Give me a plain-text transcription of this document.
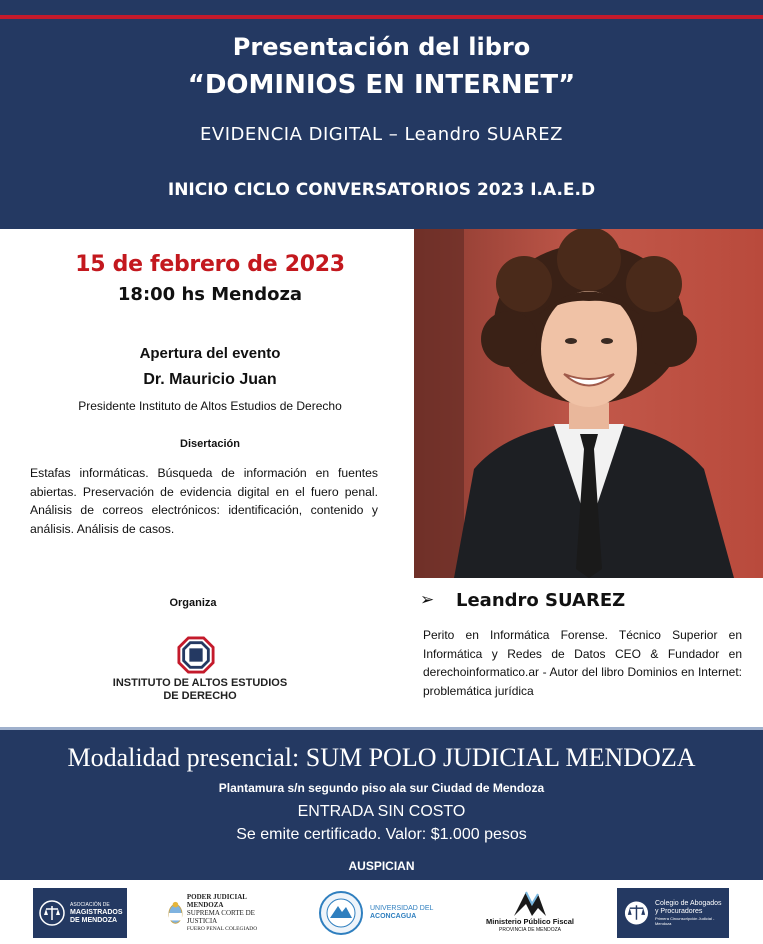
Presentación del libro
“DOMINIOS EN INTERNET”
EVIDENCIA DIGITAL – Leandro SUAREZ
INICIO CICLO CONVERSATORIOS 2023 I.A.E.D
15 de febrero de 2023
18:00 hs Mendoza
Apertura del evento
Dr. Mauricio Juan
Presidente Instituto de Altos Estudios de Derecho
Disertación
Estafas informáticas. Búsqueda de información en fuentes abiertas. Preservación de evidencia digital en el fuero penal. Análisis de correos electrónicos: identificación, contenido y análisis. Análisis de casos.
Organiza
INSTITUTO DE ALTOS ESTUDIOS
DE DERECHO
➢ Leandro SUAREZ
Perito en Informática Forense. Técnico Superior en Informática y Redes de Datos CEO & Fundador en derechoinformatico.ar - Autor del libro Dominios en Internet: problemática jurídica
Modalidad presencial: SUM POLO JUDICIAL MENDOZA
Plantamura s/n segundo piso ala sur Ciudad de Mendoza
ENTRADA SIN COSTO
Se emite certificado. Valor: $1.000 pesos
AUSPICIAN
ASOCIACIÓN DE
MAGISTRADOS
DE MENDOZA
PODER JUDICIAL MENDOZA
SUPREMA CORTE DE JUSTICIA
FUERO PENAL COLEGIADO
UNIVERSIDAD DEL
ACONCAGUA
Ministerio Público Fiscal
PROVINCIA DE MENDOZA
Colegio de Abogados
y Procuradores
Primera Circunscripción Judicial - Mendoza
